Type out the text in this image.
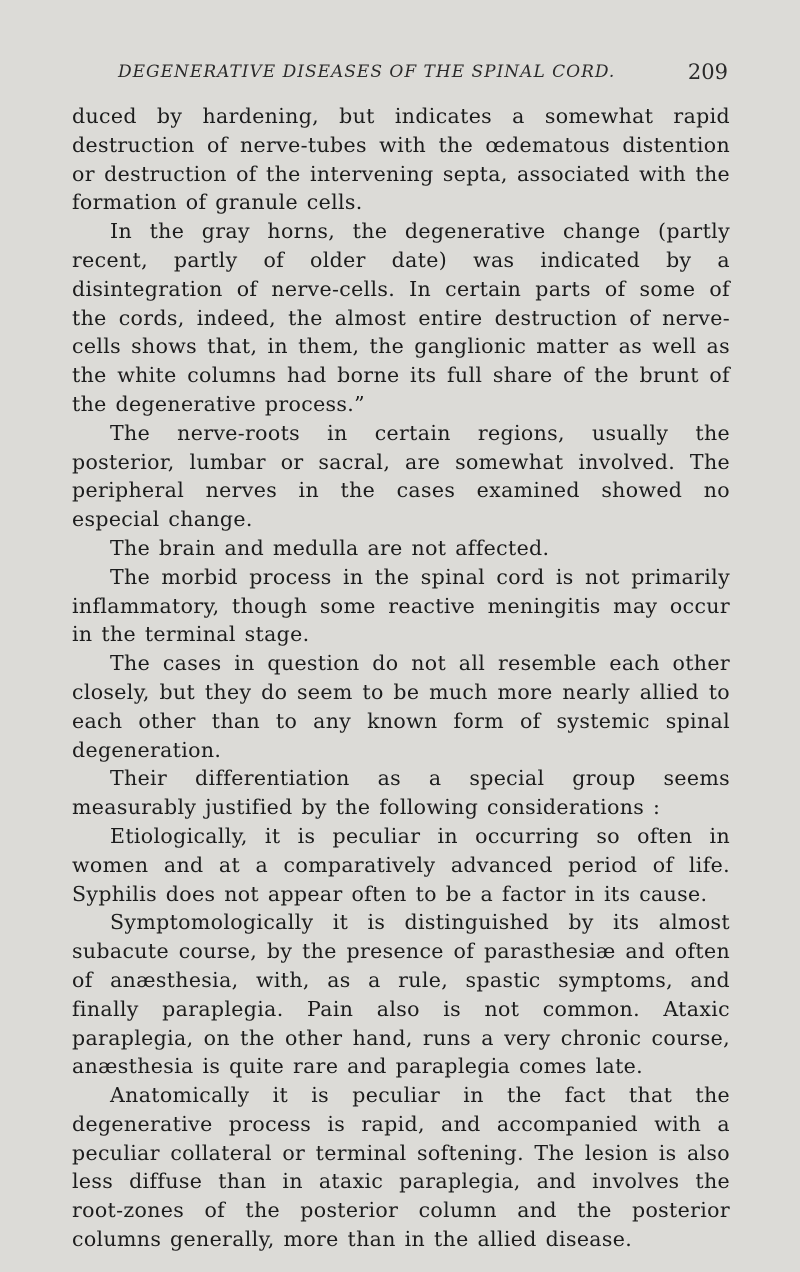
DEGENERATIVE DISEASES OF THE SPINAL CORD.	209

duced by hardening, but indicates a somewhat rapid destruction of nerve-tubes with the œdematous distention or destruction of the intervening septa, associated with the formation of granule cells.

In the gray horns, the degenerative change (partly recent, partly of older date) was indicated by a disintegration of nerve-cells. In certain parts of some of the cords, indeed, the almost entire destruction of nerve-cells shows that, in them, the ganglionic matter as well as the white columns had borne its full share of the brunt of the degenerative process.”

The nerve-roots in certain regions, usually the posterior, lumbar or sacral, are somewhat involved. The peripheral nerves in the cases examined showed no especial change.

The brain and medulla are not affected.

The morbid process in the spinal cord is not primarily inflammatory, though some reactive meningitis may occur in the terminal stage.

The cases in question do not all resemble each other closely, but they do seem to be much more nearly allied to each other than to any known form of systemic spinal degeneration.

Their differentiation as a special group seems measurably justified by the following considerations :

Etiologically, it is peculiar in occurring so often in women and at a comparatively advanced period of life. Syphilis does not appear often to be a factor in its cause.

Symptomologically it is distinguished by its almost subacute course, by the presence of parasthesiæ and often of anæsthesia, with, as a rule, spastic symptoms, and finally paraplegia. Pain also is not common. Ataxic paraplegia, on the other hand, runs a very chronic course, anæsthesia is quite rare and paraplegia comes late.

Anatomically it is peculiar in the fact that the degenerative process is rapid, and accompanied with a peculiar collateral or terminal softening. The lesion is also less diffuse than in ataxic paraplegia, and involves the root-zones of the posterior column and the posterior columns generally, more than in the allied disease.
